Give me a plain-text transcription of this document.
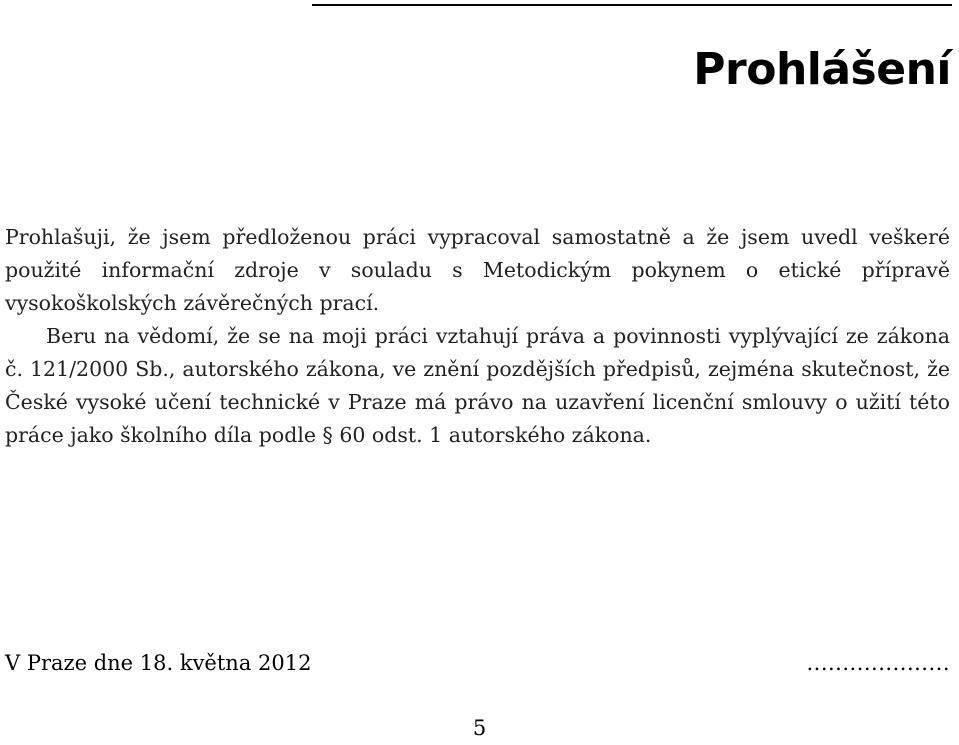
Prohlášení

Prohlašuji, že jsem předloženou práci vypracoval samostatně a že jsem uvedl veškeré použité informační zdroje v souladu s Metodickým pokynem o etické přípravě vysokoškolských závěrečných prací.

Beru na vědomí, že se na moji práci vztahují práva a povinnosti vyplývající ze zákona č. 121/2000 Sb., autorského zákona, ve znění pozdějších předpisů, zejména skutečnost, že České vysoké učení technické v Praze má právo na uzavření licenční smlouvy o užití této práce jako školního díla podle § 60 odst. 1 autorského zákona.

V Praze dne 18. května 2012	....................
5
